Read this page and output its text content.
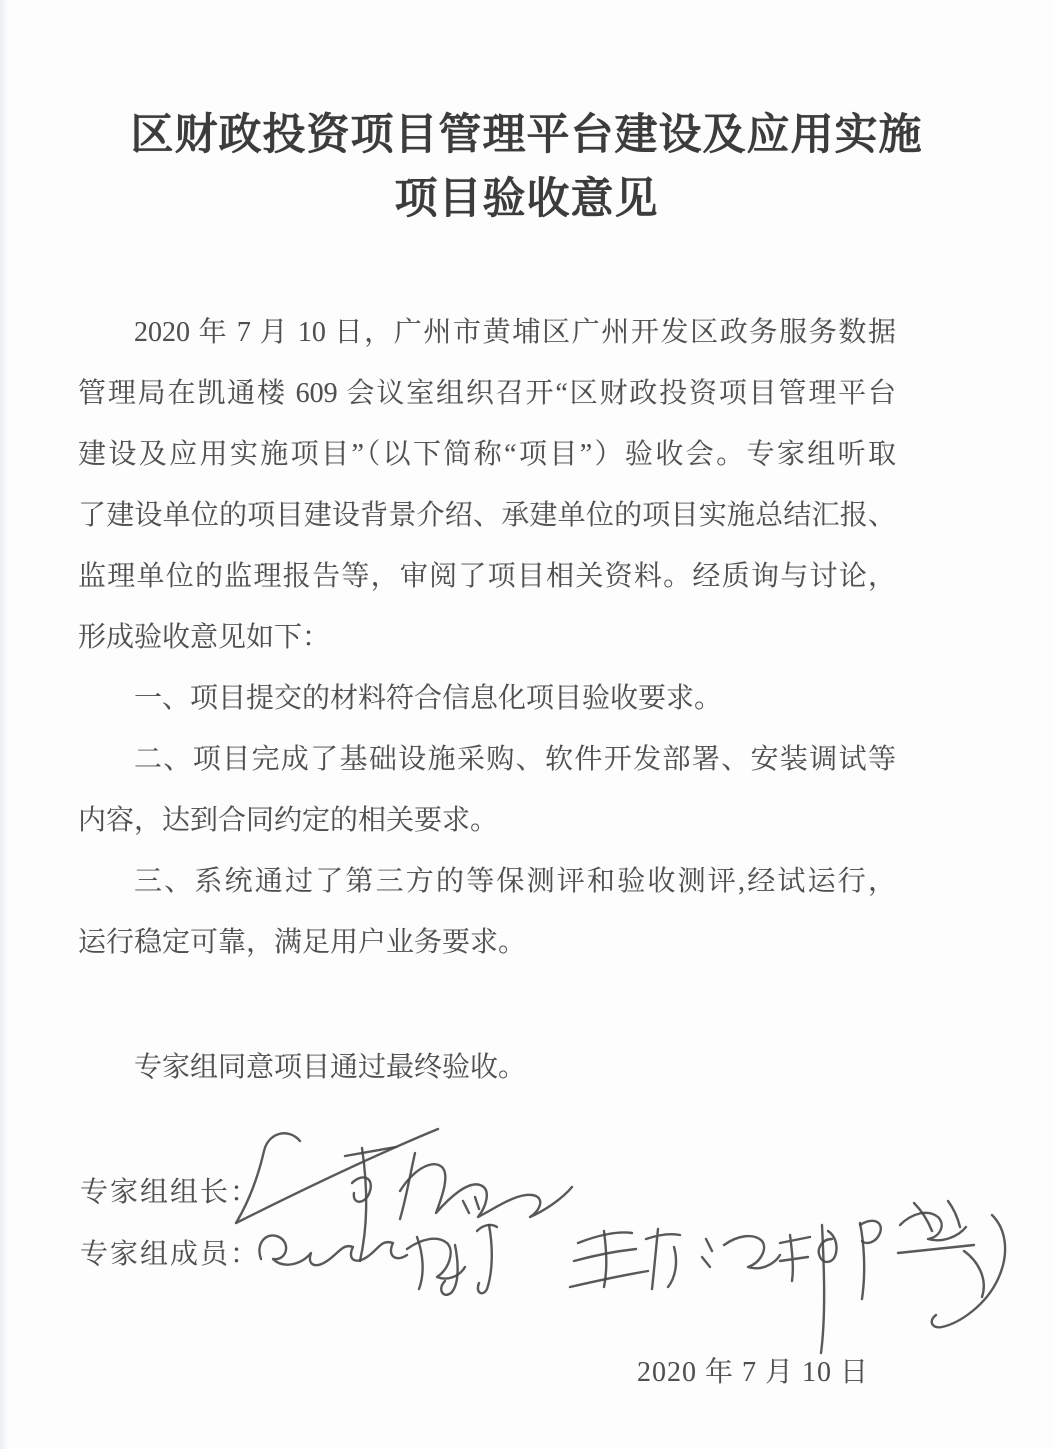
区财政投资项目管理平台建设及应用实施
项目验收意见
2020 年 7 月 10 日，广州市黄埔区广州开发区政务服务数据
管理局在凯通楼 609 会议室组织召开“区财政投资项目管理平台
建设及应用实施项目”（以下简称“项目”）验收会。专家组听取
了建设单位的项目建设背景介绍、承建单位的项目实施总结汇报、
监理单位的监理报告等，审阅了项目相关资料。经质询与讨论，
形成验收意见如下：
一、项目提交的材料符合信息化项目验收要求。
二、项目完成了基础设施采购、软件开发部署、安装调试等
内容，达到合同约定的相关要求。
三、系统通过了第三方的等保测评和验收测评,经试运行，
运行稳定可靠，满足用户业务要求。
专家组同意项目通过最终验收。
专家组组长：
专家组成员：
2020 年 7 月 10 日
